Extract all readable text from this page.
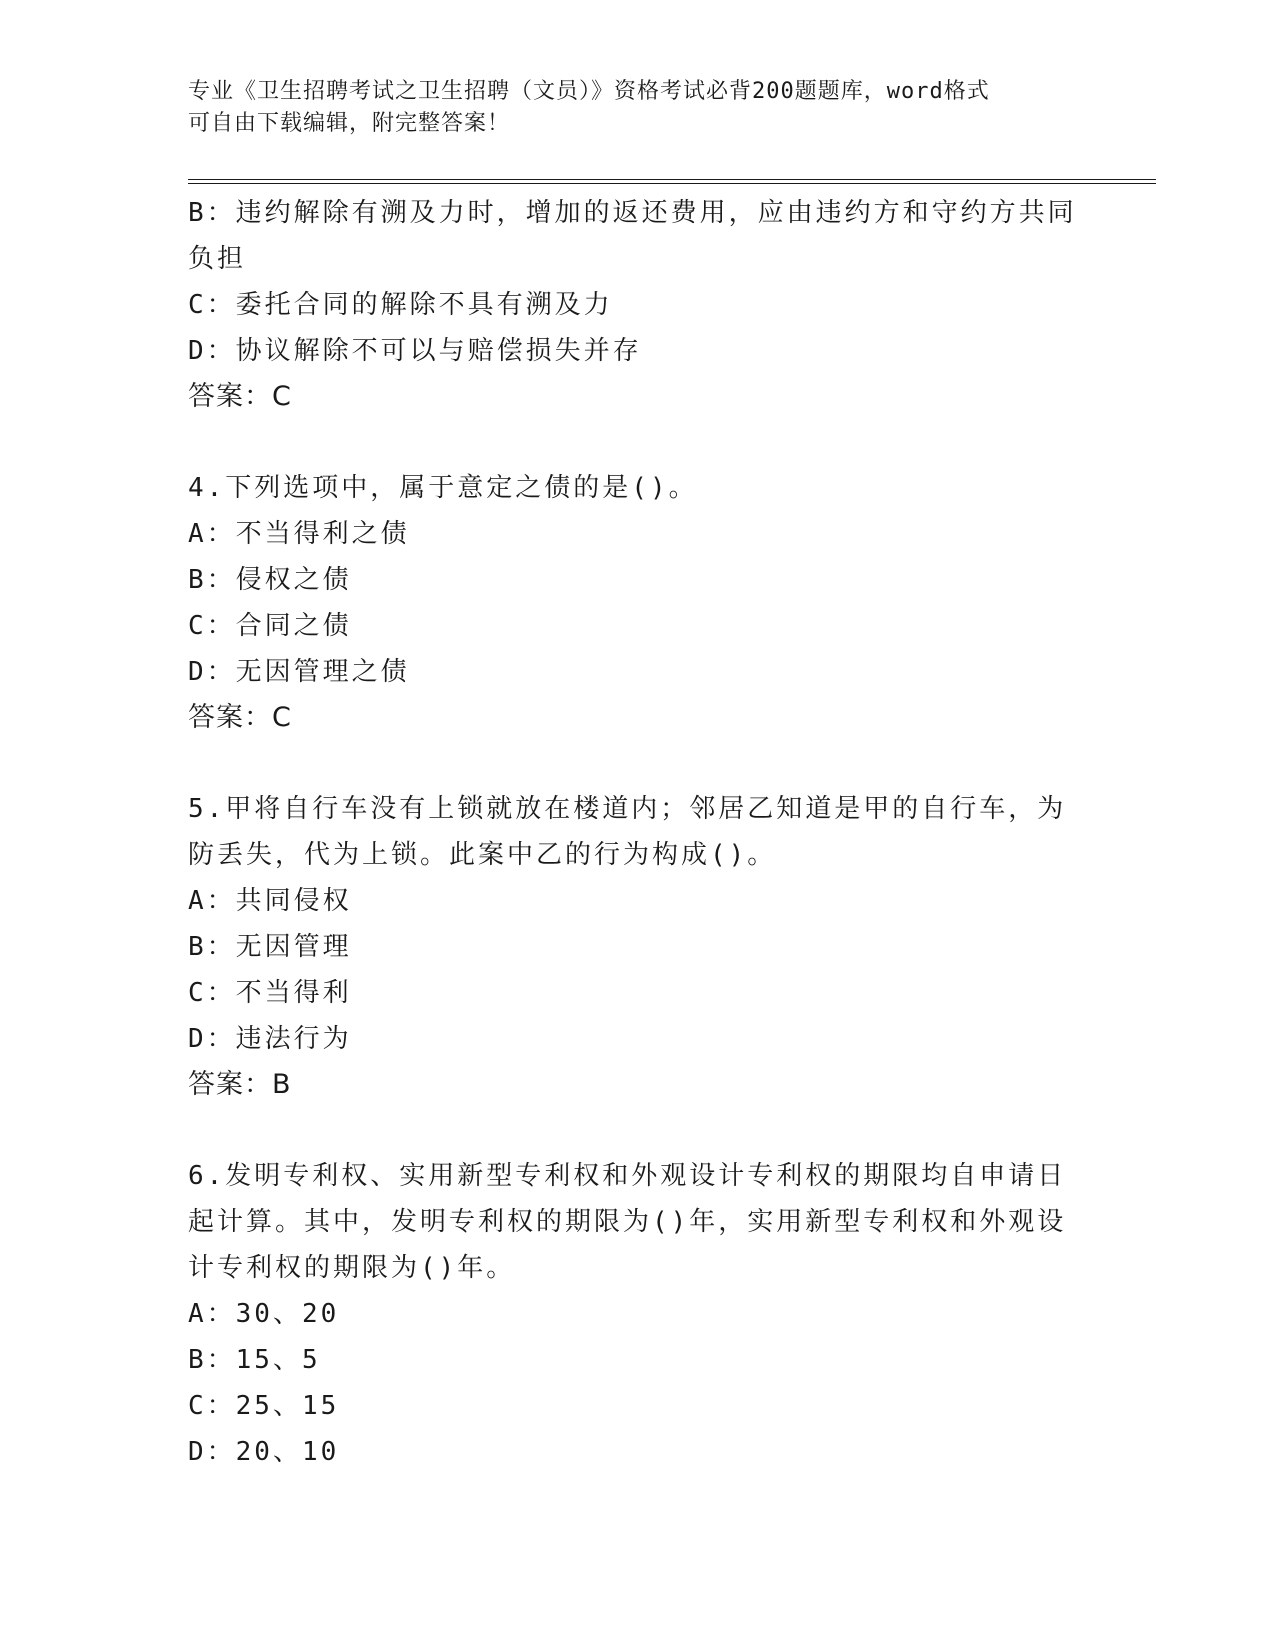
专业《卫生招聘考试之卫生招聘（文员）》资格考试必背200题题库，word格式
可自由下载编辑，附完整答案！
B：违约解除有溯及力时，增加的返还费用，应由违约方和守约方共同
负担
C：委托合同的解除不具有溯及力
D：协议解除不可以与赔偿损失并存
答案：C
4.下列选项中，属于意定之债的是()。
A：不当得利之债
B：侵权之债
C：合同之债
D：无因管理之债
答案：C
5.甲将自行车没有上锁就放在楼道内；邻居乙知道是甲的自行车，为
防丢失，代为上锁。此案中乙的行为构成()。
A：共同侵权
B：无因管理
C：不当得利
D：违法行为
答案：B
6.发明专利权、实用新型专利权和外观设计专利权的期限均自申请日
起计算。其中，发明专利权的期限为()年，实用新型专利权和外观设
计专利权的期限为()年。
A：30、20
B：15、5
C：25、15
D：20、10
